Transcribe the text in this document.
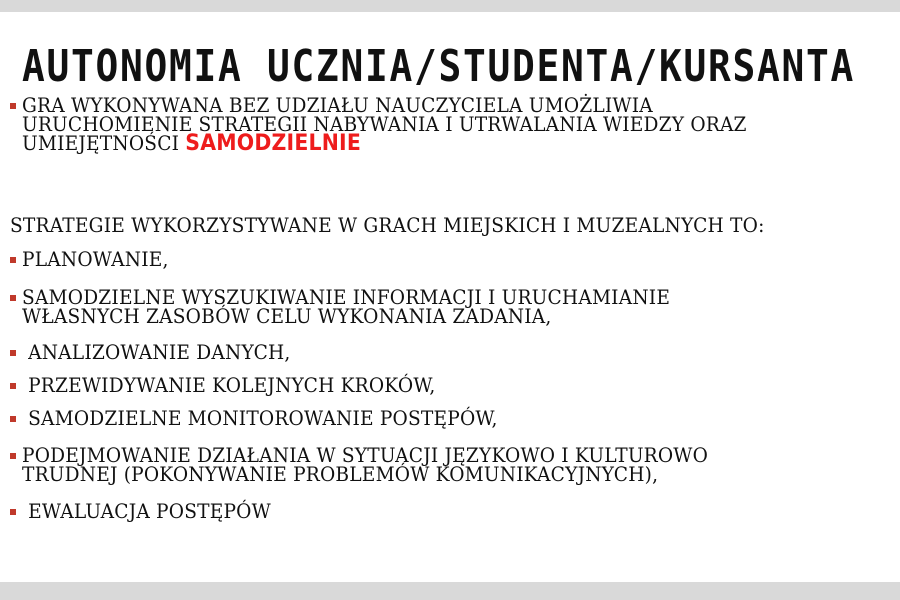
AUTONOMIA UCZNIA/STUDENTA/KURSANTA
GRA WYKONYWANA BEZ UDZIAŁU NAUCZYCIELA UMOŻLIWIA
URUCHOMIENIE STRATEGII NABYWANIA I UTRWALANIA WIEDZY ORAZ
UMIEJĘTNOŚCI SAMODZIELNIE
STRATEGIE WYKORZYSTYWANE W GRACH MIEJSKICH I MUZEALNYCH TO:
PLANOWANIE,
SAMODZIELNE WYSZUKIWANIE INFORMACJI I URUCHAMIANIE
WŁASNYCH ZASOBÓW CELU WYKONANIA ZADANIA,
ANALIZOWANIE DANYCH,
PRZEWIDYWANIE KOLEJNYCH KROKÓW,
SAMODZIELNE MONITOROWANIE POSTĘPÓW,
PODEJMOWANIE DZIAŁANIA W SYTUACJI JĘZYKOWO I KULTUROWO
TRUDNEJ (POKONYWANIE PROBLEMÓW KOMUNIKACYJNYCH),
EWALUACJA POSTĘPÓW
